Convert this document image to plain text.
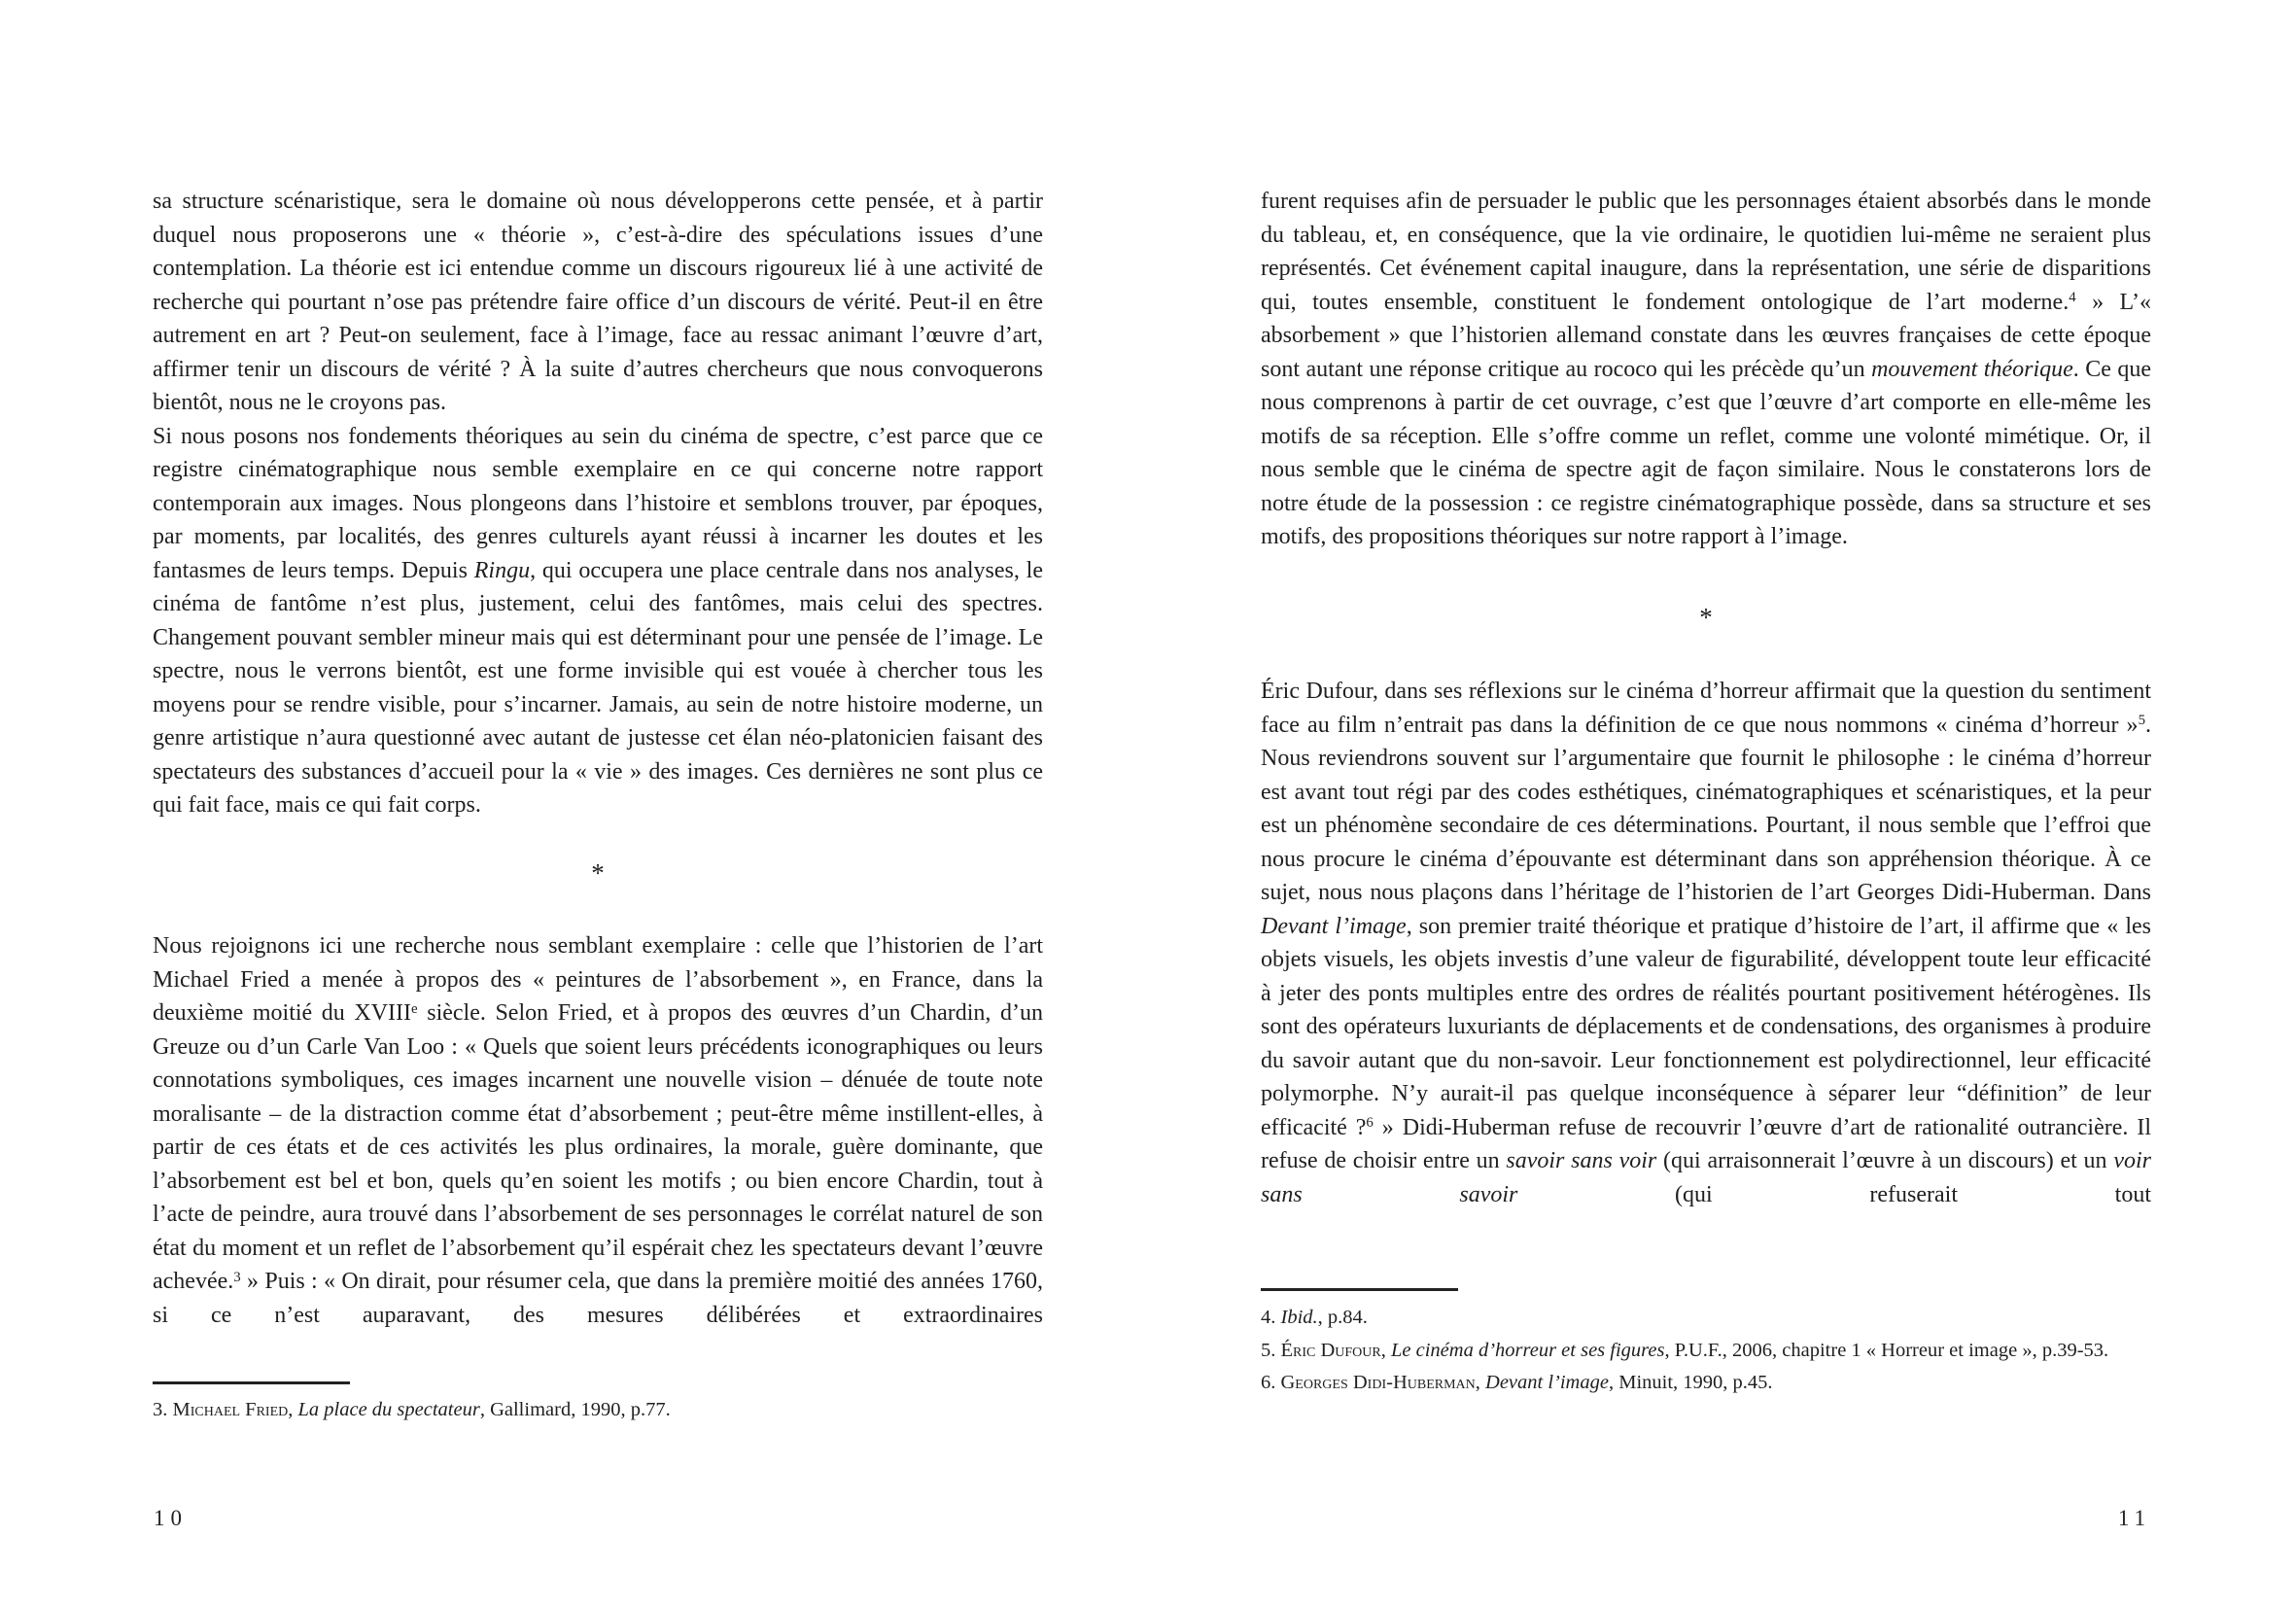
sa structure scénaristique, sera le domaine où nous développerons cette pensée, et à partir duquel nous proposerons une « théorie », c’est-à-dire des spéculations issues d’une contemplation. La théorie est ici entendue comme un discours rigoureux lié à une activité de recherche qui pourtant n’ose pas prétendre faire office d’un discours de vérité. Peut-il en être autrement en art ? Peut-on seulement, face à l’image, face au ressac animant l’œuvre d’art, affirmer tenir un discours de vérité ? À la suite d’autres chercheurs que nous convoquerons bientôt, nous ne le croyons pas.

Si nous posons nos fondements théoriques au sein du cinéma de spectre, c’est parce que ce registre cinématographique nous semble exemplaire en ce qui concerne notre rapport contemporain aux images. Nous plongeons dans l’histoire et semblons trouver, par époques, par moments, par localités, des genres culturels ayant réussi à incarner les doutes et les fantasmes de leurs temps. Depuis Ringu, qui occupera une place centrale dans nos analyses, le cinéma de fantôme n’est plus, justement, celui des fantômes, mais celui des spectres. Changement pouvant sembler mineur mais qui est déterminant pour une pensée de l’image. Le spectre, nous le verrons bientôt, est une forme invisible qui est vouée à chercher tous les moyens pour se rendre visible, pour s’incarner. Jamais, au sein de notre histoire moderne, un genre artistique n’aura questionné avec autant de justesse cet élan néo-platonicien faisant des spectateurs des substances d’accueil pour la « vie » des images. Ces dernières ne sont plus ce qui fait face, mais ce qui fait corps.

*
Nous rejoignons ici une recherche nous semblant exemplaire : celle que l’historien de l’art Michael Fried a menée à propos des « peintures de l’absorbement », en France, dans la deuxième moitié du XVIIIe siècle. Selon Fried, et à propos des œuvres d’un Chardin, d’un Greuze ou d’un Carle Van Loo : « Quels que soient leurs précédents iconographiques ou leurs connotations symboliques, ces images incarnent une nouvelle vision – dénuée de toute note moralisante – de la distraction comme état d’absorbement ; peut-être même instillent-elles, à partir de ces états et de ces activités les plus ordinaires, la morale, guère dominante, que l’absorbement est bel et bon, quels qu’en soient les motifs ; ou bien encore Chardin, tout à l’acte de peindre, aura trouvé dans l’absorbement de ses personnages le corrélat naturel de son état du moment et un reflet de l’absorbement qu’il espérait chez les spectateurs devant l’œuvre achevée.$^3$ » Puis : « On dirait, pour résumer cela, que dans la première moitié des années 1760, si ce n’est auparavant, des mesures délibérées et extraordinaires

3. Michael Fried, La place du spectateur, Gallimard, 1990, p.77.

10

furent requises afin de persuader le public que les personnages étaient absorbés dans le monde du tableau, et, en conséquence, que la vie ordinaire, le quotidien lui-même ne seraient plus représentés. Cet événement capital inaugure, dans la représentation, une série de disparitions qui, toutes ensemble, constituent le fondement ontologique de l’art moderne.$^4$ » L’« absorbement » que l’historien allemand constate dans les œuvres françaises de cette époque sont autant une réponse critique au rococo qui les précède qu’un mouvement théorique. Ce que nous comprenons à partir de cet ouvrage, c’est que l’œuvre d’art comporte en elle-même les motifs de sa réception. Elle s’offre comme un reflet, comme une volonté mimétique. Or, il nous semble que le cinéma de spectre agit de façon similaire. Nous le constaterons lors de notre étude de la possession : ce registre cinématographique possède, dans sa structure et ses motifs, des propositions théoriques sur notre rapport à l’image.

*
Éric Dufour, dans ses réflexions sur le cinéma d’horreur affirmait que la question du sentiment face au film n’entrait pas dans la définition de ce que nous nommons « cinéma d’horreur »$^5$. Nous reviendrons souvent sur l’argumentaire que fournit le philosophe : le cinéma d’horreur est avant tout régi par des codes esthétiques, cinématographiques et scénaristiques, et la peur est un phénomène secondaire de ces déterminations. Pourtant, il nous semble que l’effroi que nous procure le cinéma d’épouvante est déterminant dans son appréhension théorique. À ce sujet, nous nous plaçons dans l’héritage de l’historien de l’art Georges Didi-Huberman. Dans Devant l’image, son premier traité théorique et pratique d’histoire de l’art, il affirme que « les objets visuels, les objets investis d’une valeur de figurabilité, développent toute leur efficacité à jeter des ponts multiples entre des ordres de réalités pourtant positivement hétérogènes. Ils sont des opérateurs luxuriants de déplacements et de condensations, des organismes à produire du savoir autant que du non-savoir. Leur fonctionnement est polydirectionnel, leur efficacité polymorphe. N’y aurait-il pas quelque inconséquence à séparer leur “définition” de leur efficacité ?$^6$ » Didi-Huberman refuse de recouvrir l’œuvre d’art de rationalité outrancière. Il refuse de choisir entre un savoir sans voir (qui arraisonnerait l’œuvre à un discours) et un voir sans savoir (qui refuserait tout

4. Ibid., p.84.

5. Éric Dufour, Le cinéma d’horreur et ses figures, P.U.F., 2006, chapitre 1 « Horreur et image », p.39-53.

6. Georges Didi-Huberman, Devant l’image, Minuit, 1990, p.45.

11
